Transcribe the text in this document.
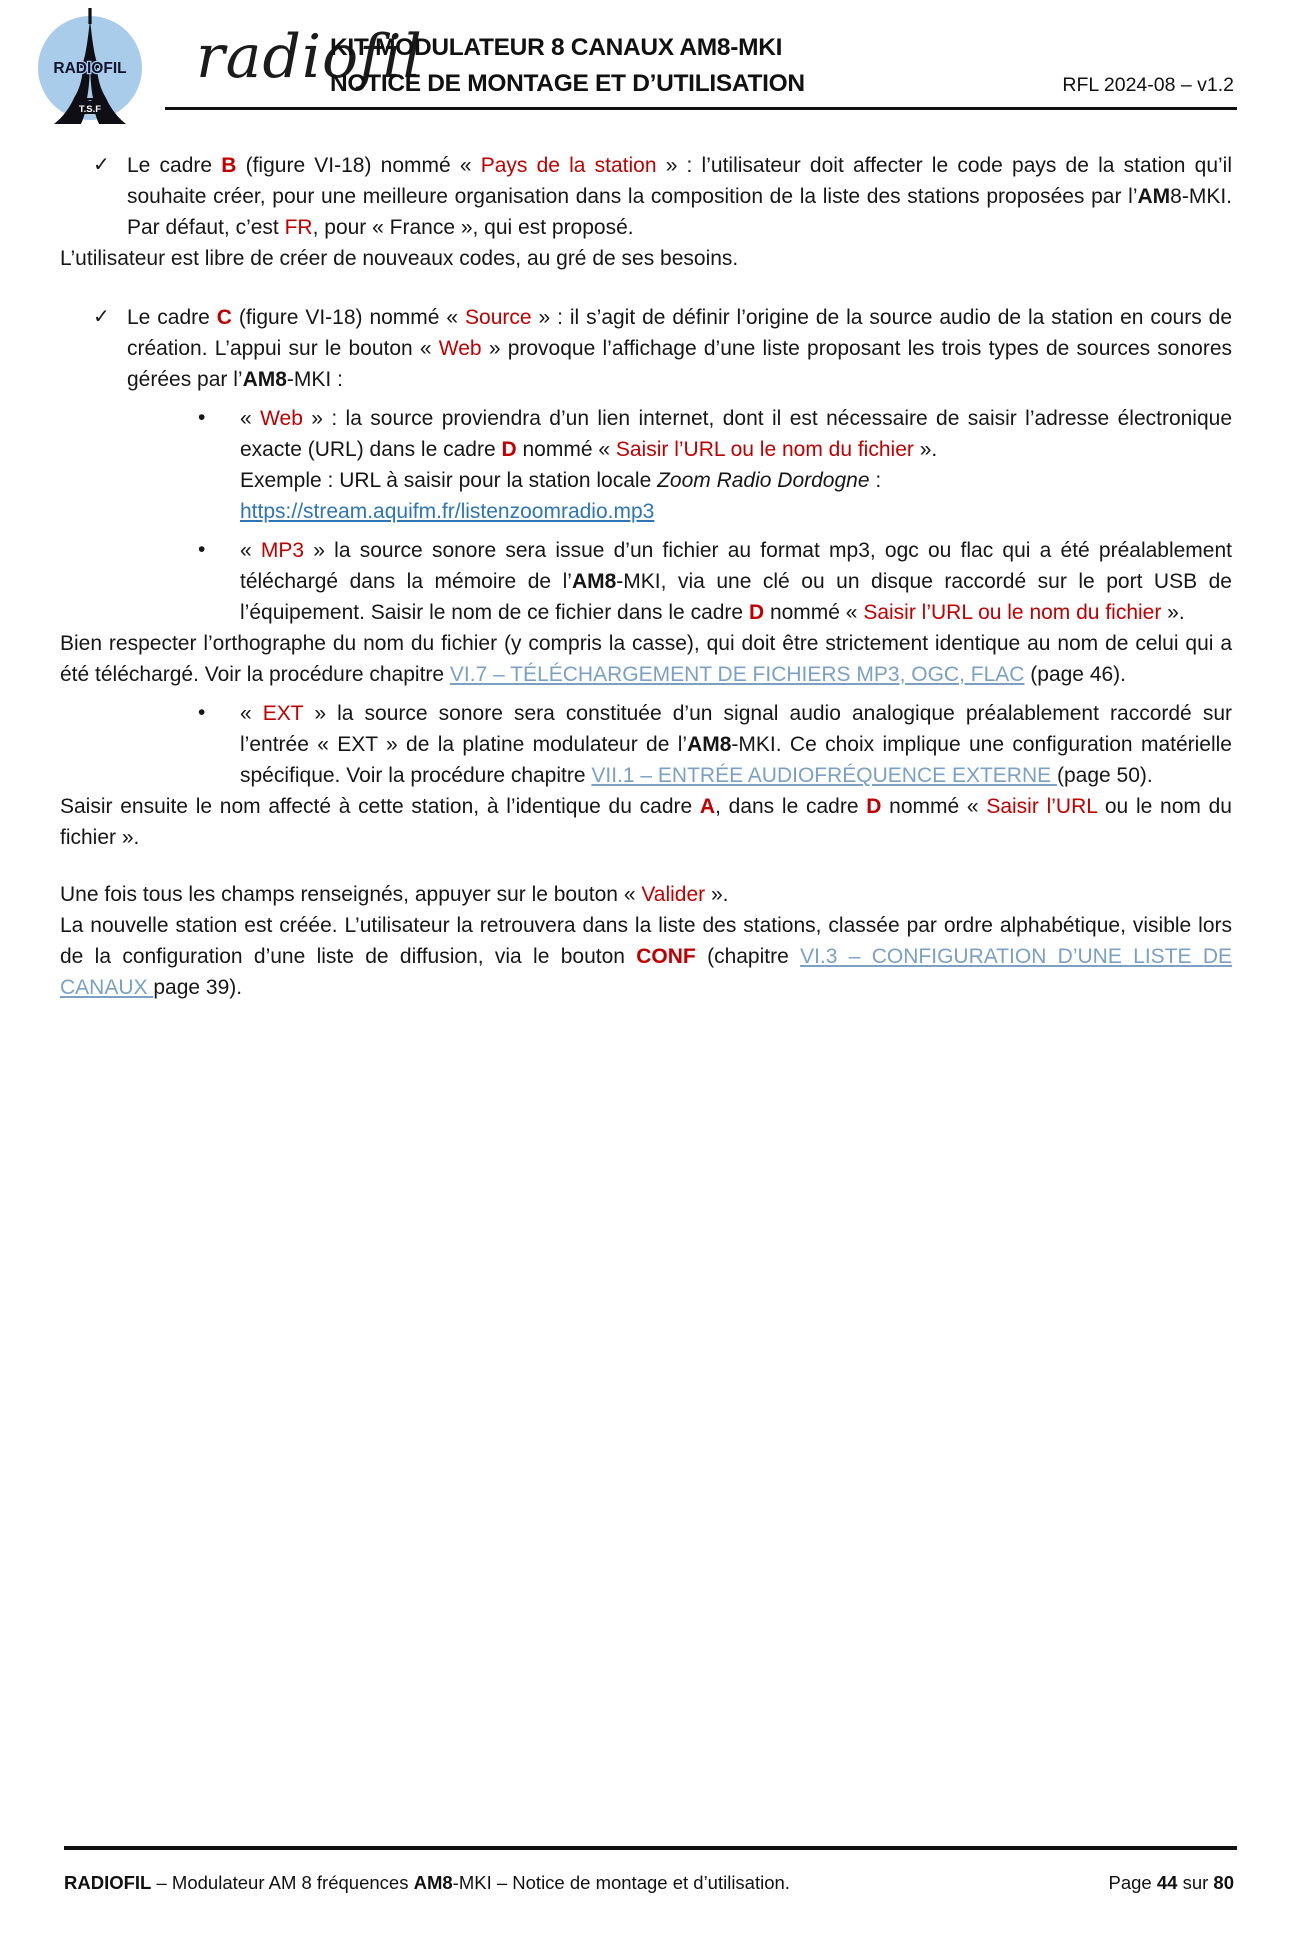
RADIOFIL
T.S.F
radiofil
KIT MODULATEUR 8 CANAUX AM8-MKI
NOTICE DE MONTAGE ET D’UTILISATION	RFL 2024-08 – v1.2
✓ Le cadre B (figure VI-18) nommé « Pays de la station » : l’utilisateur doit affecter le code pays de la station qu’il souhaite créer, pour une meilleure organisation dans la composition de la liste des stations proposées par l’AM8-MKI. Par défaut, c’est FR, pour « France », qui est proposé.
L’utilisateur est libre de créer de nouveaux codes, au gré de ses besoins.
✓ Le cadre C (figure VI-18) nommé « Source » : il s’agit de définir l’origine de la source audio de la station en cours de création. L’appui sur le bouton « Web » provoque l’affichage d’une liste proposant les trois types de sources sonores gérées par l’AM8-MKI :
• « Web » : la source proviendra d’un lien internet, dont il est nécessaire de saisir l’adresse électronique exacte (URL) dans le cadre D nommé « Saisir l’URL ou le nom du fichier ».
Exemple : URL à saisir pour la station locale Zoom Radio Dordogne :
https://stream.aquifm.fr/listenzoomradio.mp3
• « MP3 » la source sonore sera issue d’un fichier au format mp3, ogc ou flac qui a été préalablement téléchargé dans la mémoire de l’AM8-MKI, via une clé ou un disque raccordé sur le port USB de l’équipement. Saisir le nom de ce fichier dans le cadre D nommé « Saisir l’URL ou le nom du fichier ».
Bien respecter l’orthographe du nom du fichier (y compris la casse), qui doit être strictement identique au nom de celui qui a été téléchargé. Voir la procédure chapitre VI.7 – TÉLÉCHARGEMENT DE FICHIERS MP3, OGC, FLAC (page 46).
• « EXT » la source sonore sera constituée d’un signal audio analogique préalablement raccordé sur l’entrée « EXT » de la platine modulateur de l’AM8-MKI. Ce choix implique une configuration matérielle spécifique. Voir la procédure chapitre VII.1 – ENTRÉE AUDIOFRÉQUENCE EXTERNE (page 50).
Saisir ensuite le nom affecté à cette station, à l’identique du cadre A, dans le cadre D nommé « Saisir l’URL ou le nom du fichier ».
Une fois tous les champs renseignés, appuyer sur le bouton « Valider ».
La nouvelle station est créée. L’utilisateur la retrouvera dans la liste des stations, classée par ordre alphabétique, visible lors de la configuration d’une liste de diffusion, via le bouton CONF (chapitre VI.3 – CONFIGURATION D’UNE LISTE DE CANAUX page 39).
RADIOFIL – Modulateur AM 8 fréquences AM8-MKI – Notice de montage et d’utilisation.	Page 44 sur 80
